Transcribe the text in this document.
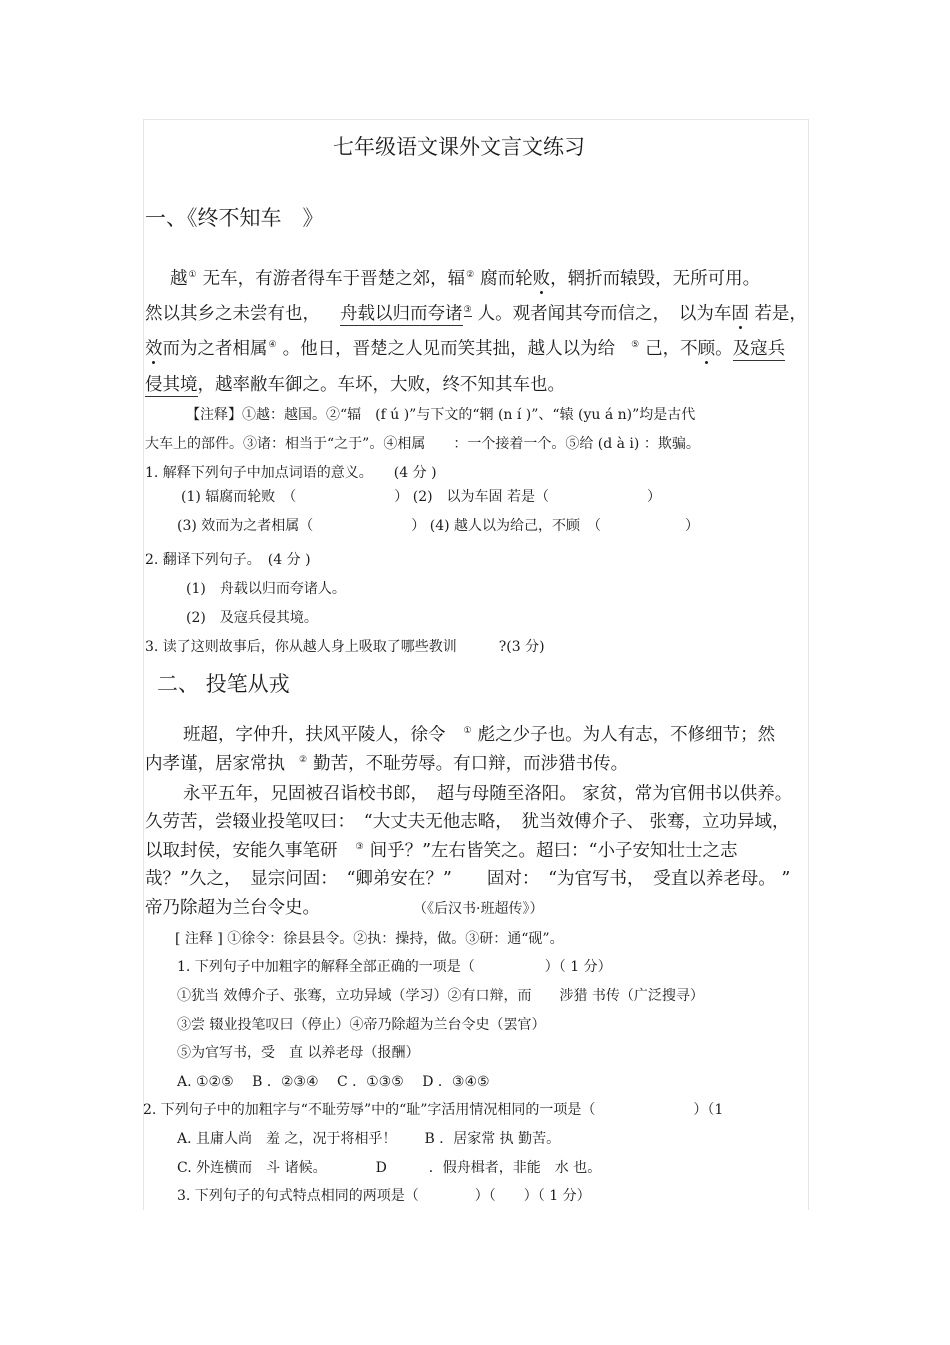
七年级语文课外文言文练习
一、《终不知车　》
越① 无车，有游者得车于晋楚之郊，辐② 腐而轮败，辋折而辕毁，无所可用。
然以其乡之未尝有也， 舟载以归而夸诸③ 人。观者闻其夸而信之，　以为车固 若是，
效而为之者相属④ 。他日，晋楚之人见而笑其拙，越人以为给 ⑤ 己，不顾。及寇兵
侵其境，越率敝车御之。车坏，大败，终不知其车也。
【注释】①越：越国。②“辐　(f ú )”与下文的“辋 (n í )”、“辕 (yu á n)”均是古代
大车上的部件。③诸：相当于“之于”。④相属　　：一个接着一个。⑤给 (d à i) ：欺骗。
1. 解释下列句子中加点词语的意义。　　(4 分 )
(1) 辐腐而轮败　（　　　　　　　） (2)　以为车固 若是（　　　　　　　）
(3) 效而为之者相属（　　　　　　　） (4) 越人以为给己，不顾　（　　　　　　）
2. 翻译下列句子。　(4 分 )
(1)　舟载以归而夸诸人。
(2)　及寇兵侵其境。
3. 读了这则故事后，你从越人身上吸取了哪些教训　　　?(3 分)
二、 投笔从戎
班超，字仲升，扶风平陵人，徐令 ① 彪之少子也。为人有志，不修细节；然
内孝谨，居家常执 ② 勤苦，不耻劳辱。有口辩，而涉猎书传。
永平五年，兄固被召诣校书郎，　超与母随至洛阳。 家贫，常为官佣书以供养。
久劳苦，尝辍业投笔叹曰：　“大丈夫无他志略，　犹当效傅介子、 张骞，立功异域，
以取封侯，安能久事笔研 ③ 间乎？”左右皆笑之。超曰：“小子安知壮士之志
哉？”久之，　显宗问固：　“卿弟安在？”　　固对：　“为官写书，　受直以养老母。 ”
帝乃除超为兰台令史。	（《后汉书·班超传》）
[ 注释 ] ①徐令：徐县县令。②执：操持，做。③研：通“砚”。
1. 下列句子中加粗字的解释全部正确的一项是（　　　　　）（ 1 分）
①犹当 效傅介子、张骞，立功异域（学习）②有口辩，而　　涉猎 书传（广泛搜寻）
③尝 辍业投笔叹曰（停止）④帝乃除超为兰台令史（罢官）
⑤为官写书，受　直 以养老母（报酬）
A. ①②⑤　 B ．②③④　 C ．①③⑤　 D ．③④⑤
2. 下列句子中的加粗字与“不耻劳辱”中的“耻”字活用情况相同的一项是（　　　　　　　）（1
A. 且庸人尚　羞 之，况于将相乎！　　B ．居家常 执 勤苦。
C. 外连横而　斗 诸候。　　　　D　　　．假舟楫者，非能　水 也。
3. 下列句子的句式特点相同的两项是（　　　　）（　　）（ 1 分）
